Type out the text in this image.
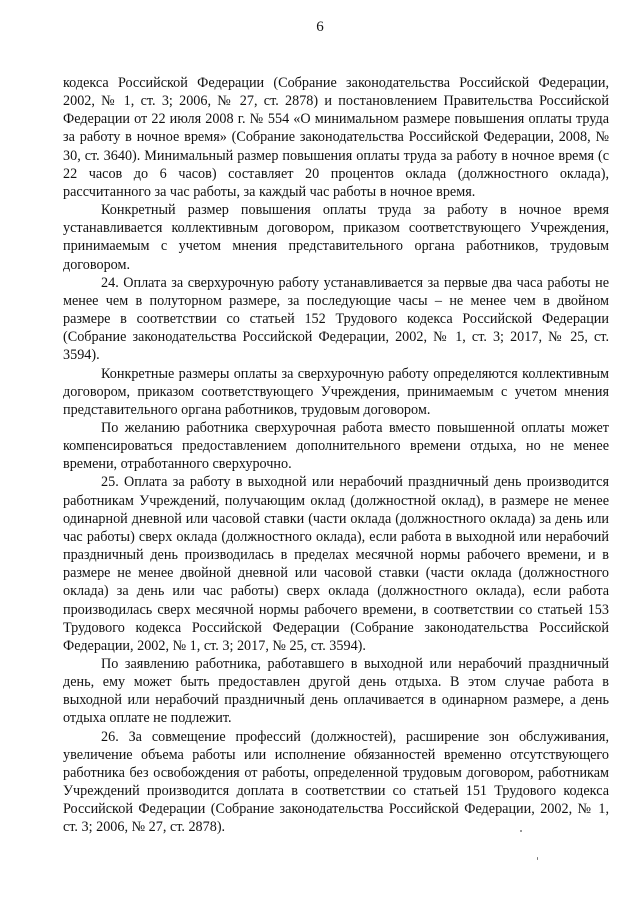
6

кодекса Российской Федерации (Собрание законодательства Российской Федерации, 2002, № 1, ст. 3; 2006, № 27, ст. 2878) и постановлением Правительства Российской Федерации от 22 июля 2008 г. № 554 «О минимальном размере повышения оплаты труда за работу в ночное время» (Собрание законодательства Российской Федерации, 2008, № 30, ст. 3640). Минимальный размер повышения оплаты труда за работу в ночное время (с 22 часов до 6 часов) составляет 20 процентов оклада (должностного оклада), рассчитанного за час работы, за каждый час работы в ночное время.

Конкретный размер повышения оплаты труда за работу в ночное время устанавливается коллективным договором, приказом соответствующего Учреждения, принимаемым с учетом мнения представительного органа работников, трудовым договором.

24. Оплата за сверхурочную работу устанавливается за первые два часа работы не менее чем в полуторном размере, за последующие часы – не менее чем в двойном размере в соответствии со статьей 152 Трудового кодекса Российской Федерации (Собрание законодательства Российской Федерации, 2002, № 1, ст. 3; 2017, № 25, ст. 3594).

Конкретные размеры оплаты за сверхурочную работу определяются коллективным договором, приказом соответствующего Учреждения, принимаемым с учетом мнения представительного органа работников, трудовым договором.

По желанию работника сверхурочная работа вместо повышенной оплаты может компенсироваться предоставлением дополнительного времени отдыха, но не менее времени, отработанного сверхурочно.

25. Оплата за работу в выходной или нерабочий праздничный день производится работникам Учреждений, получающим оклад (должностной оклад), в размере не менее одинарной дневной или часовой ставки (части оклада (должностного оклада) за день или час работы) сверх оклада (должностного оклада), если работа в выходной или нерабочий праздничный день производилась в пределах месячной нормы рабочего времени, и в размере не менее двойной дневной или часовой ставки (части оклада (должностного оклада) за день или час работы) сверх оклада (должностного оклада), если работа производилась сверх месячной нормы рабочего времени, в соответствии со статьей 153 Трудового кодекса Российской Федерации (Собрание законодательства Российской Федерации, 2002, № 1, ст. 3; 2017, № 25, ст. 3594).

По заявлению работника, работавшего в выходной или нерабочий праздничный день, ему может быть предоставлен другой день отдыха. В этом случае работа в выходной или нерабочий праздничный день оплачивается в одинарном размере, а день отдыха оплате не подлежит.

26. За совмещение профессий (должностей), расширение зон обслуживания, увеличение объема работы или исполнение обязанностей временно отсутствующего работника без освобождения от работы, определенной трудовым договором, работникам Учреждений производится доплата в соответствии со статьей 151 Трудового кодекса Российской Федерации (Собрание законодательства Российской Федерации, 2002, № 1, ст. 3; 2006, № 27, ст. 2878).
